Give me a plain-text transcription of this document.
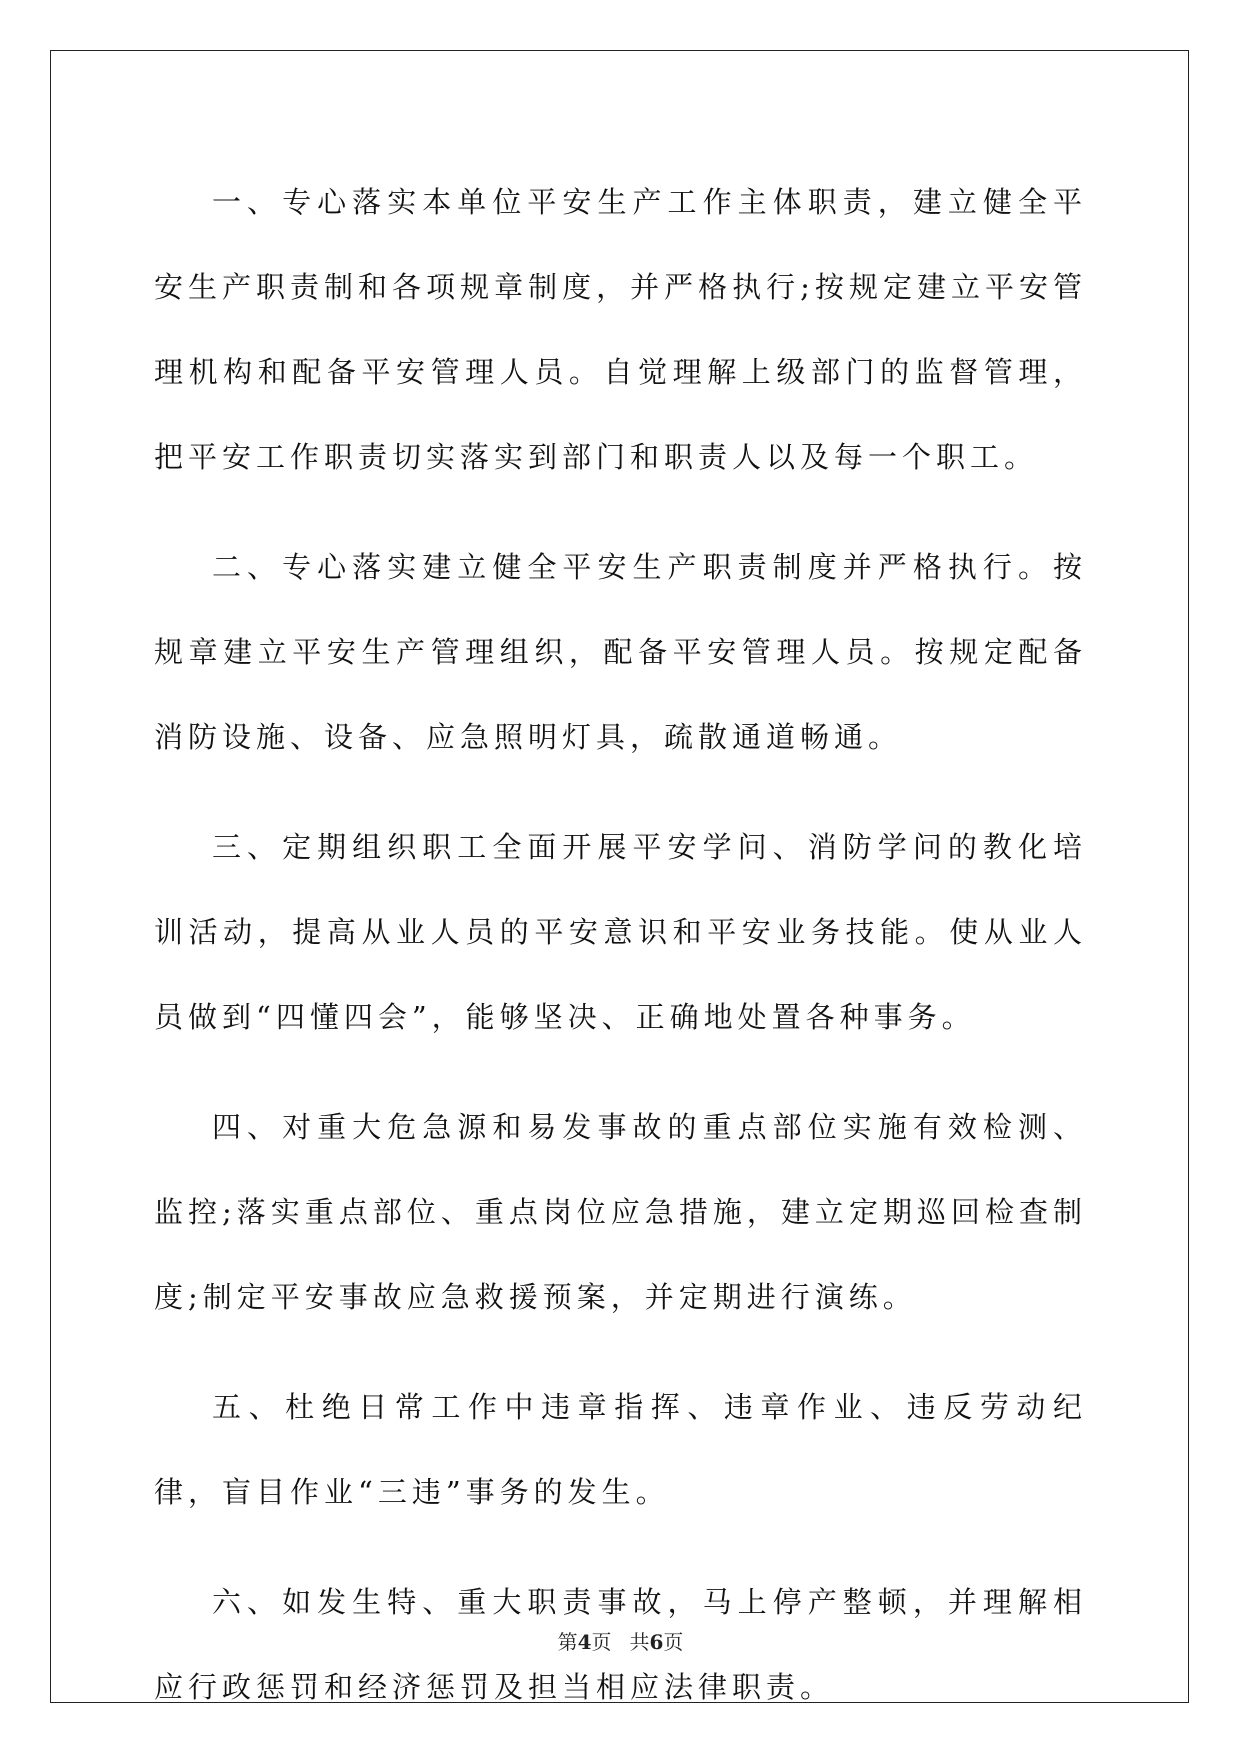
一、专心落实本单位平安生产工作主体职责，建立健全平安生产职责制和各项规章制度，并严格执行;按规定建立平安管理机构和配备平安管理人员。自觉理解上级部门的监督管理，把平安工作职责切实落实到部门和职责人以及每一个职工。

二、专心落实建立健全平安生产职责制度并严格执行。按规章建立平安生产管理组织，配备平安管理人员。按规定配备消防设施、设备、应急照明灯具，疏散通道畅通。

三、定期组织职工全面开展平安学问、消防学问的教化培训活动，提高从业人员的平安意识和平安业务技能。使从业人员做到“四懂四会”，能够坚决、正确地处置各种事务。

四、对重大危急源和易发事故的重点部位实施有效检测、监控;落实重点部位、重点岗位应急措施，建立定期巡回检查制度;制定平安事故应急救援预案，并定期进行演练。

五、杜绝日常工作中违章指挥、违章作业、违反劳动纪律，盲目作业“三违”事务的发生。

六、如发生特、重大职责事故，马上停产整顿，并理解相应行政惩罚和经济惩罚及担当相应法律职责。

第4页 共6页
